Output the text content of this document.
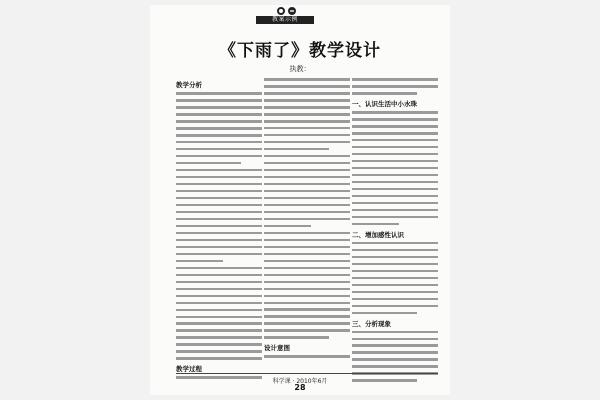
教案示例
《下雨了》教学设计
执教：
教学分析
教学过程
设计意图
一、认识生活中小水珠
二、增加感性认识
三、分析现象
科学课 · 2010年6月
28
